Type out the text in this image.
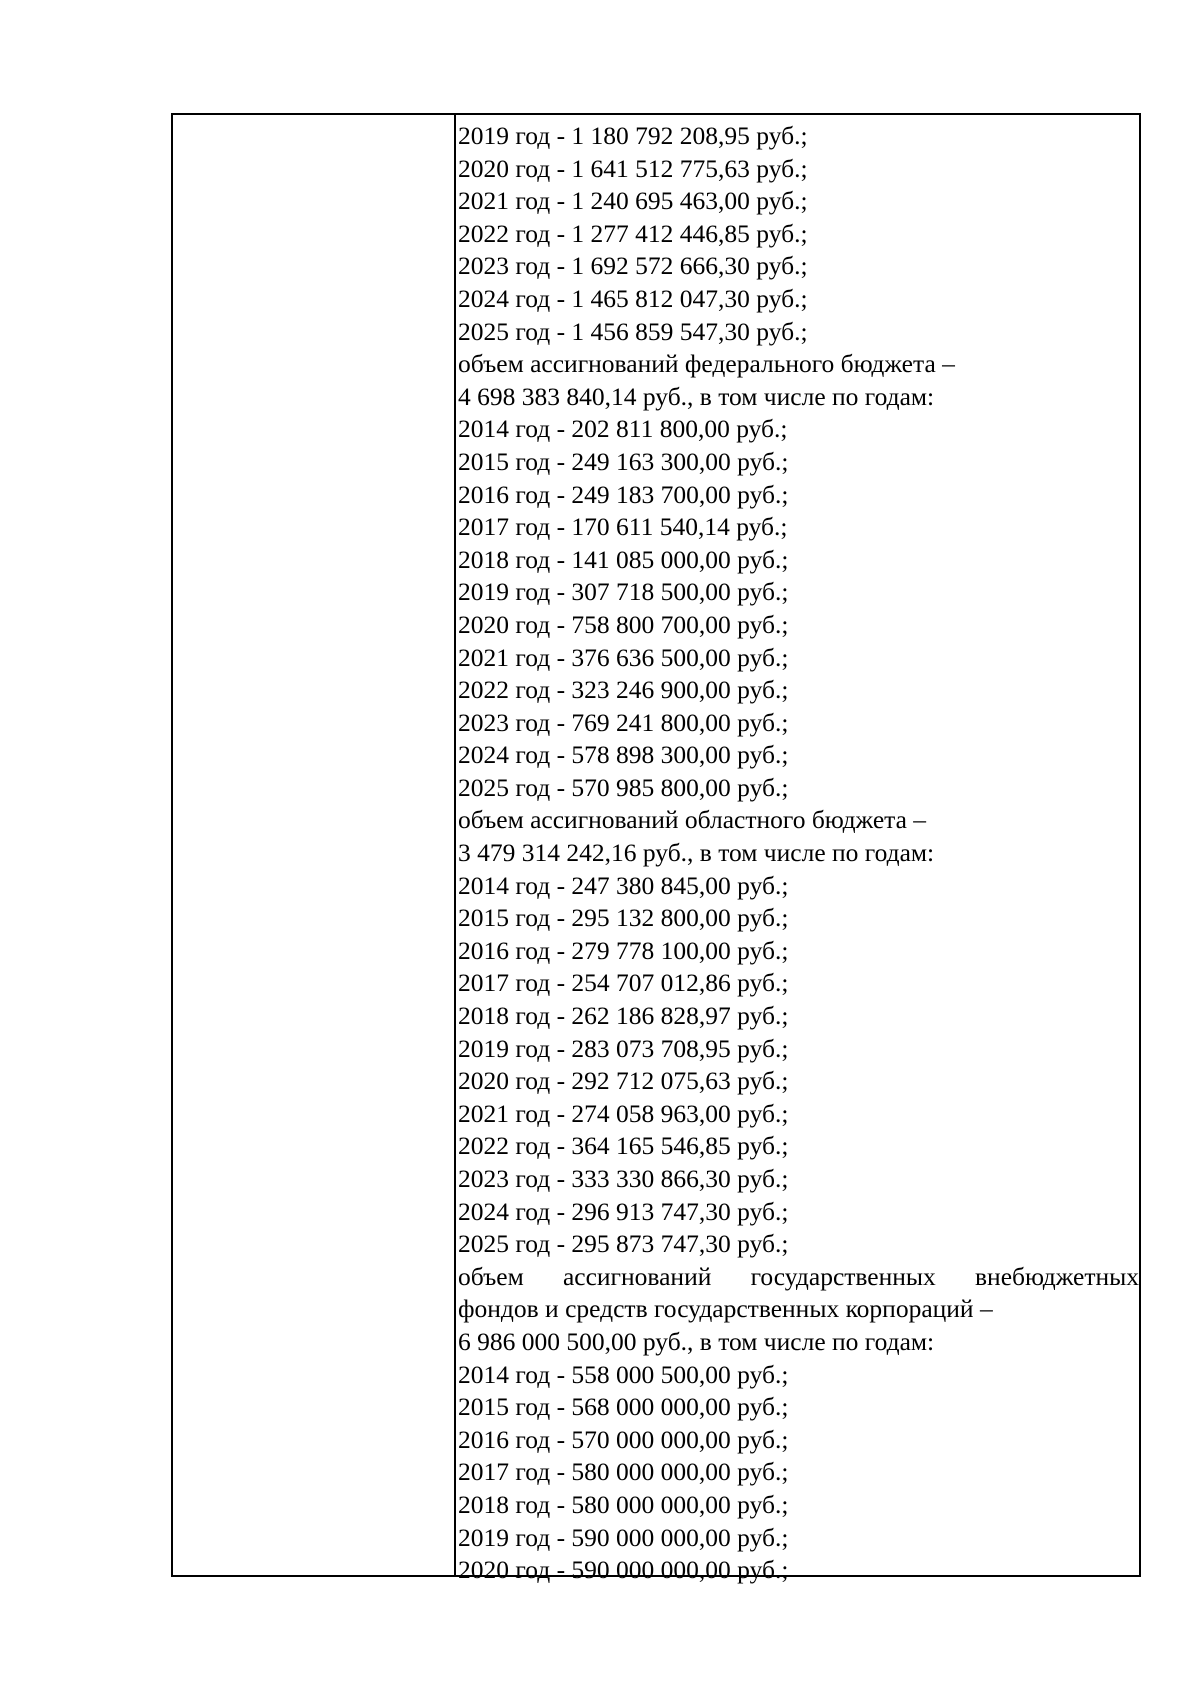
2019 год - 1 180 792 208,95 руб.;
2020 год - 1 641 512 775,63 руб.;
2021 год - 1 240 695 463,00 руб.;
2022 год - 1 277 412 446,85 руб.;
2023 год - 1 692 572 666,30 руб.;
2024 год - 1 465 812 047,30 руб.;
2025 год - 1 456 859 547,30 руб.;
объем ассигнований федерального бюджета –
4 698 383 840,14 руб., в том числе по годам:
2014 год - 202 811 800,00 руб.;
2015 год - 249 163 300,00 руб.;
2016 год - 249 183 700,00 руб.;
2017 год - 170 611 540,14 руб.;
2018 год - 141 085 000,00 руб.;
2019 год - 307 718 500,00 руб.;
2020 год - 758 800 700,00 руб.;
2021 год - 376 636 500,00 руб.;
2022 год - 323 246 900,00 руб.;
2023 год - 769 241 800,00 руб.;
2024 год - 578 898 300,00 руб.;
2025 год - 570 985 800,00 руб.;
объем ассигнований областного бюджета –
3 479 314 242,16 руб., в том числе по годам:
2014 год - 247 380 845,00 руб.;
2015 год - 295 132 800,00 руб.;
2016 год - 279 778 100,00 руб.;
2017 год - 254 707 012,86 руб.;
2018 год - 262 186 828,97 руб.;
2019 год - 283 073 708,95 руб.;
2020 год - 292 712 075,63 руб.;
2021 год - 274 058 963,00 руб.;
2022 год - 364 165 546,85 руб.;
2023 год - 333 330 866,30 руб.;
2024 год - 296 913 747,30 руб.;
2025 год - 295 873 747,30 руб.;
объем ассигнований государственных внебюджетных
фондов и средств государственных корпораций –
6 986 000 500,00 руб., в том числе по годам:
2014 год - 558 000 500,00 руб.;
2015 год - 568 000 000,00 руб.;
2016 год - 570 000 000,00 руб.;
2017 год - 580 000 000,00 руб.;
2018 год - 580 000 000,00 руб.;
2019 год - 590 000 000,00 руб.;
2020 год - 590 000 000,00 руб.;
